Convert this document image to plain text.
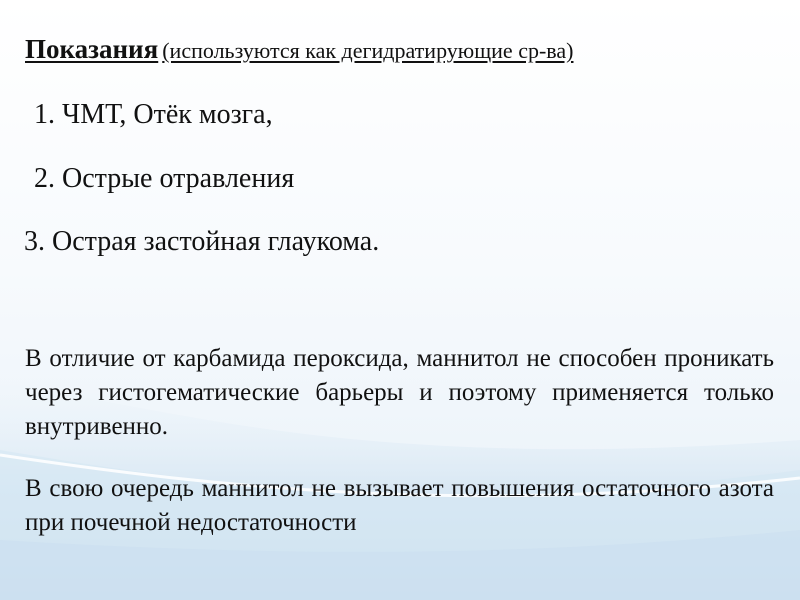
Показания (используются как дегидратирующие ср-ва)
1. ЧМТ, Отёк мозга,
2. Острые отравления
3. Острая застойная глаукома.
В отличие от карбамида пероксида, маннитол не способен проникать через гистогематические барьеры и поэтому применяется только внутривенно.
В свою очередь маннитол не вызывает повышения остаточного азота при почечной недостаточности
